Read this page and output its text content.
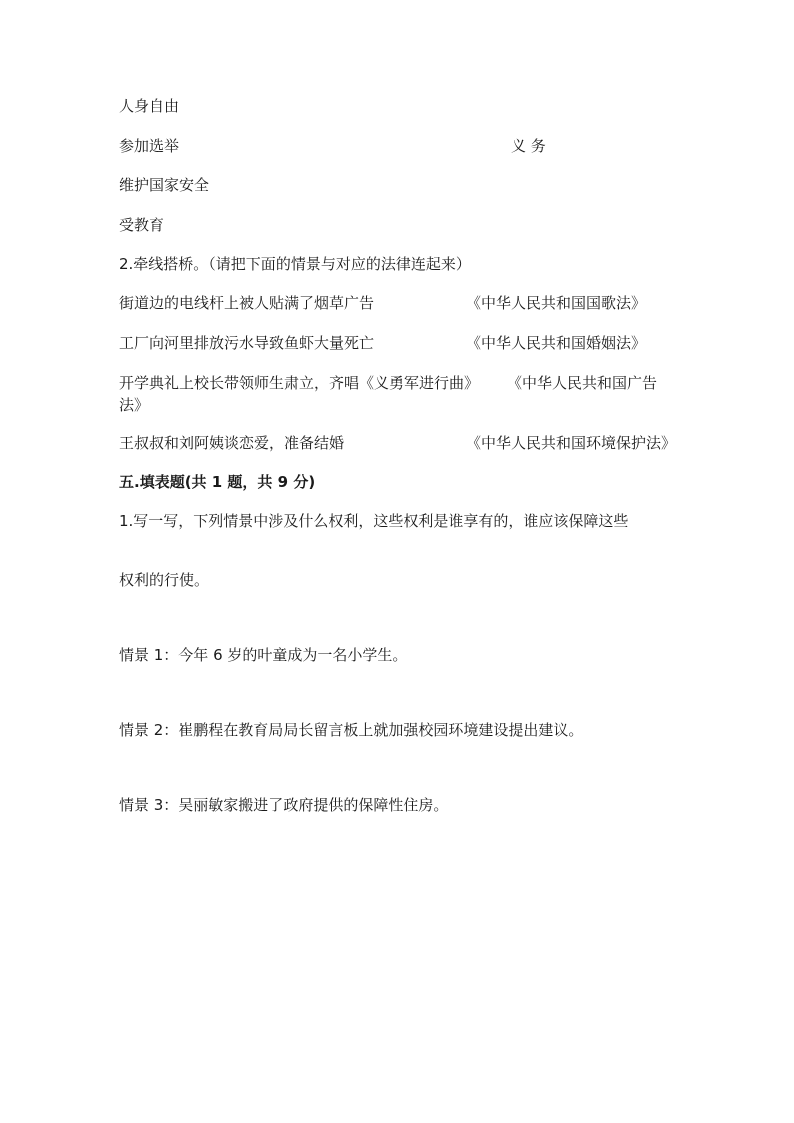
人身自由
参加选举	义 务
维护国家安全
受教育
2.牵线搭桥。（请把下面的情景与对应的法律连起来）
街道边的电线杆上被人贴满了烟草广告	《中华人民共和国国歌法》
工厂向河里排放污水导致鱼虾大量死亡	《中华人民共和国婚姻法》
开学典礼上校长带领师生肃立，齐唱《义勇军进行曲》 《中华人民共和国广告法》
王叔叔和刘阿姨谈恋爱，准备结婚	《中华人民共和国环境保护法》
五.填表题(共 1 题，共 9 分)
1.写一写，下列情景中涉及什么权利，这些权利是谁享有的，谁应该保障这些
权利的行使。
情景 1：今年 6 岁的叶童成为一名小学生。
情景 2：崔鹏程在教育局局长留言板上就加强校园环境建设提出建议。
情景 3：吴丽敏家搬进了政府提供的保障性住房。
